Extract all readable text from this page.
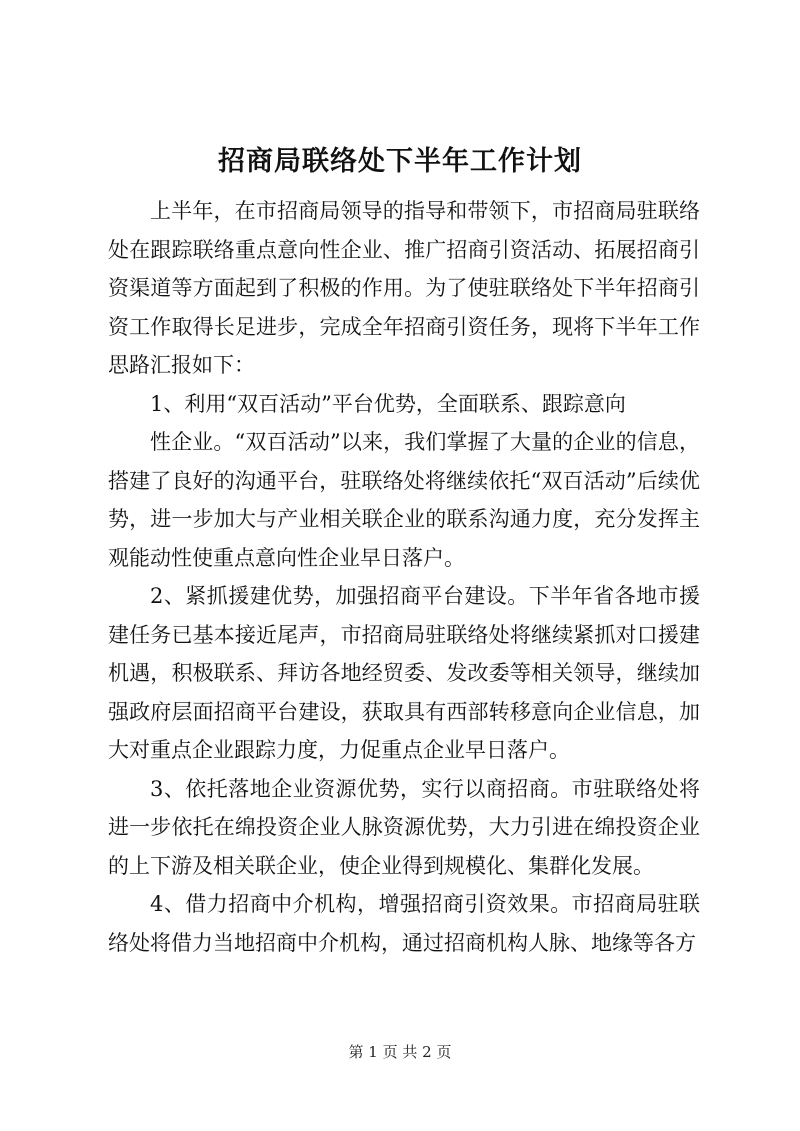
招商局联络处下半年工作计划

上半年，在市招商局领导的指导和带领下，市招商局驻联络处在跟踪联络重点意向性企业、推广招商引资活动、拓展招商引资渠道等方面起到了积极的作用。为了使驻联络处下半年招商引资工作取得长足进步，完成全年招商引资任务，现将下半年工作思路汇报如下：

1、利用“双百活动”平台优势，全面联系、跟踪意向

性企业。“双百活动”以来，我们掌握了大量的企业的信息，搭建了良好的沟通平台，驻联络处将继续依托“双百活动”后续优势，进一步加大与产业相关联企业的联系沟通力度，充分发挥主观能动性使重点意向性企业早日落户。

2、紧抓援建优势，加强招商平台建设。下半年省各地市援建任务已基本接近尾声，市招商局驻联络处将继续紧抓对口援建机遇，积极联系、拜访各地经贸委、发改委等相关领导，继续加强政府层面招商平台建设，获取具有西部转移意向企业信息，加大对重点企业跟踪力度，力促重点企业早日落户。

3、依托落地企业资源优势，实行以商招商。市驻联络处将进一步依托在绵投资企业人脉资源优势，大力引进在绵投资企业的上下游及相关联企业，使企业得到规模化、集群化发展。

4、借力招商中介机构，增强招商引资效果。市招商局驻联络处将借力当地招商中介机构，通过招商机构人脉、地缘等各方

第 1 页 共 2 页
